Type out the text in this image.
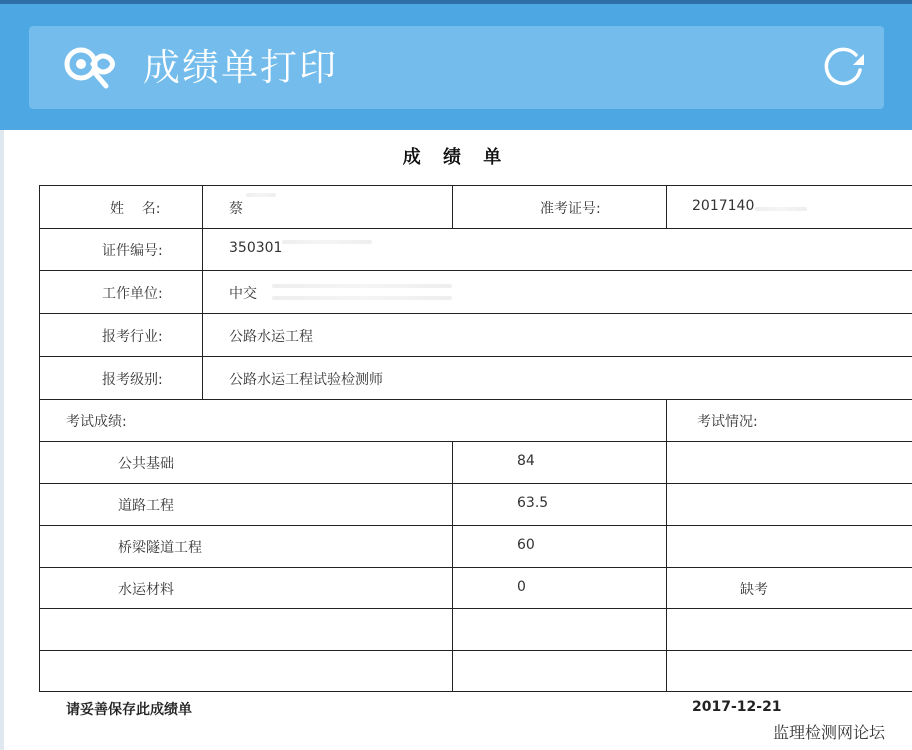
成绩单打印
成 绩 单
姓    名:	蔡	准考证号:	2017140
证件编号:	350301
工作单位:	中交
报考行业:	公路水运工程
报考级别:	公路水运工程试验检测师
考试成绩:	考试情况:
公共基础	84
道路工程	63.5
桥梁隧道工程	60
水运材料	0	缺考
请妥善保存此成绩单	2017-12-21
监理检测网论坛
